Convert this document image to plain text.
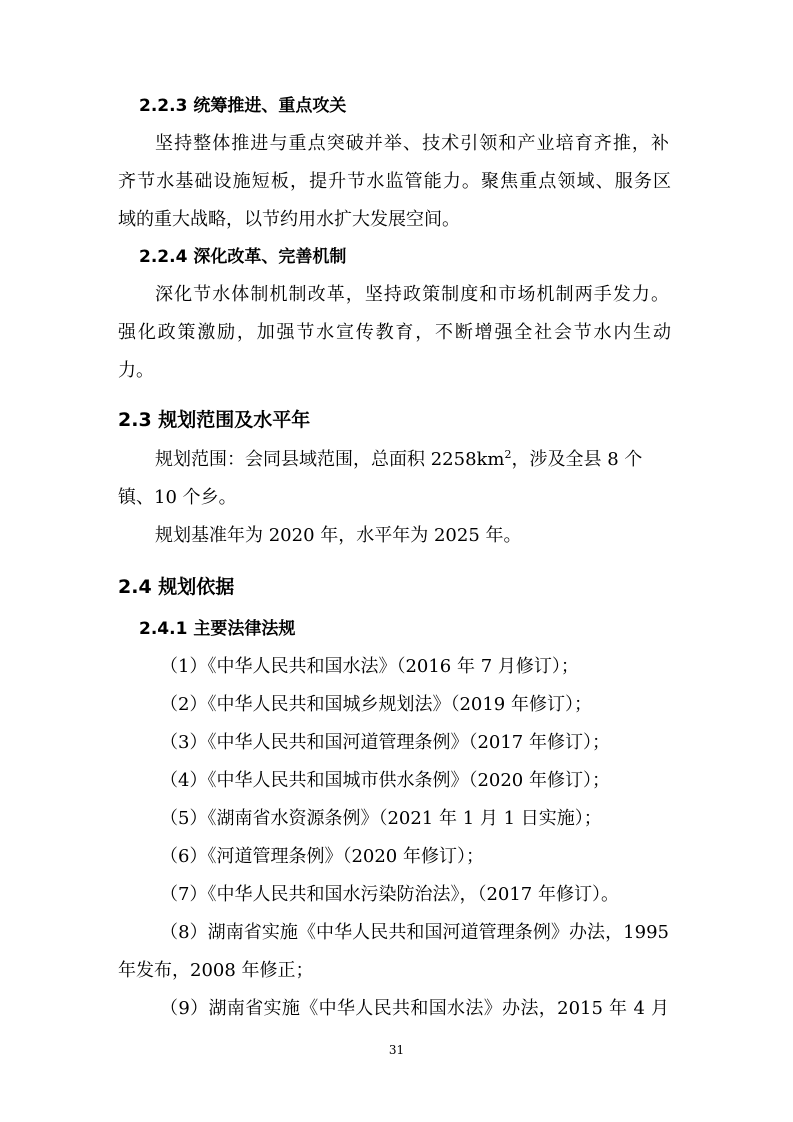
2.2.3 统筹推进、重点攻关
坚持整体推进与重点突破并举、技术引领和产业培育齐推，补
齐节水基础设施短板，提升节水监管能力。聚焦重点领域、服务区
域的重大战略，以节约用水扩大发展空间。
2.2.4 深化改革、完善机制
深化节水体制机制改革，坚持政策制度和市场机制两手发力。
强化政策激励，加强节水宣传教育，不断增强全社会节水内生动
力。
2.3 规划范围及水平年
规划范围：会同县域范围，总面积 $2258km^2$，涉及全县 8 个
镇、10 个乡。
规划基准年为 2020 年，水平年为 2025 年。
2.4 规划依据
2.4.1 主要法律法规
（1）《中华人民共和国水法》（2016 年 7 月修订）；
（2）《中华人民共和国城乡规划法》（2019 年修订）；
（3）《中华人民共和国河道管理条例》（2017 年修订）；
（4）《中华人民共和国城市供水条例》（2020 年修订）；
（5）《湖南省水资源条例》（2021 年 1 月 1 日实施）；
（6）《河道管理条例》（2020 年修订）；
（7）《中华人民共和国水污染防治法》，（2017 年修订）。
（8）湖南省实施《中华人民共和国河道管理条例》办法，1995
年发布，2008 年修正；
（9）湖南省实施《中华人民共和国水法》办法，2015 年 4 月
31
